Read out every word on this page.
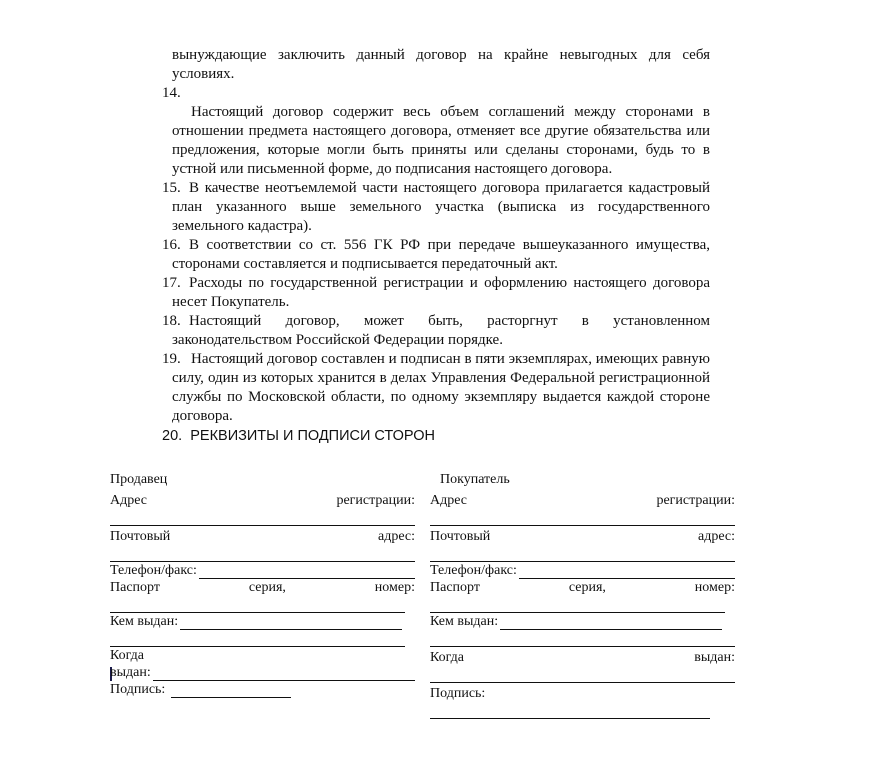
вынуждающие заключить данный договор на крайне невыгодных для себя условиях.

14.
Настоящий договор содержит весь объем соглашений между сторонами в отношении предмета настоящего договора, отменяет все другие обязательства или предложения, которые могли быть приняты или сделаны сторонами, будь то в устной или письменной форме, до подписания настоящего договора.

15. В качестве неотъемлемой части настоящего договора прилагается кадастровый план указанного выше земельного участка (выписка из государственного земельного кадастра).

16. В соответствии со ст. 556 ГК РФ при передаче вышеуказанного имущества, сторонами составляется и подписывается передаточный акт.

17. Расходы по государственной регистрации и оформлению настоящего договора несет Покупатель.

18. Настоящий договор, может быть, расторгнут в установленном законодательством Российской Федерации порядке.

19. Настоящий договор составлен и подписан в пяти экземплярах, имеющих равную силу, один из которых хранится в делах Управления Федеральной регистрационной службы по Московской области, по одному экземпляру выдается каждой стороне договора.

20. РЕКВИЗИТЫ И ПОДПИСИ СТОРОН

Продавец
Адрес	регистрации:
Почтовый	адрес:
Телефон/факс:
Паспорт	серия,	номер:
Кем выдан:
Когда
выдан:
Подпись:
Покупатель
Адрес	регистрации:
Почтовый	адрес:
Телефон/факс:
Паспорт	серия,	номер:
Кем выдан:
Когда	выдан:
Подпись:
